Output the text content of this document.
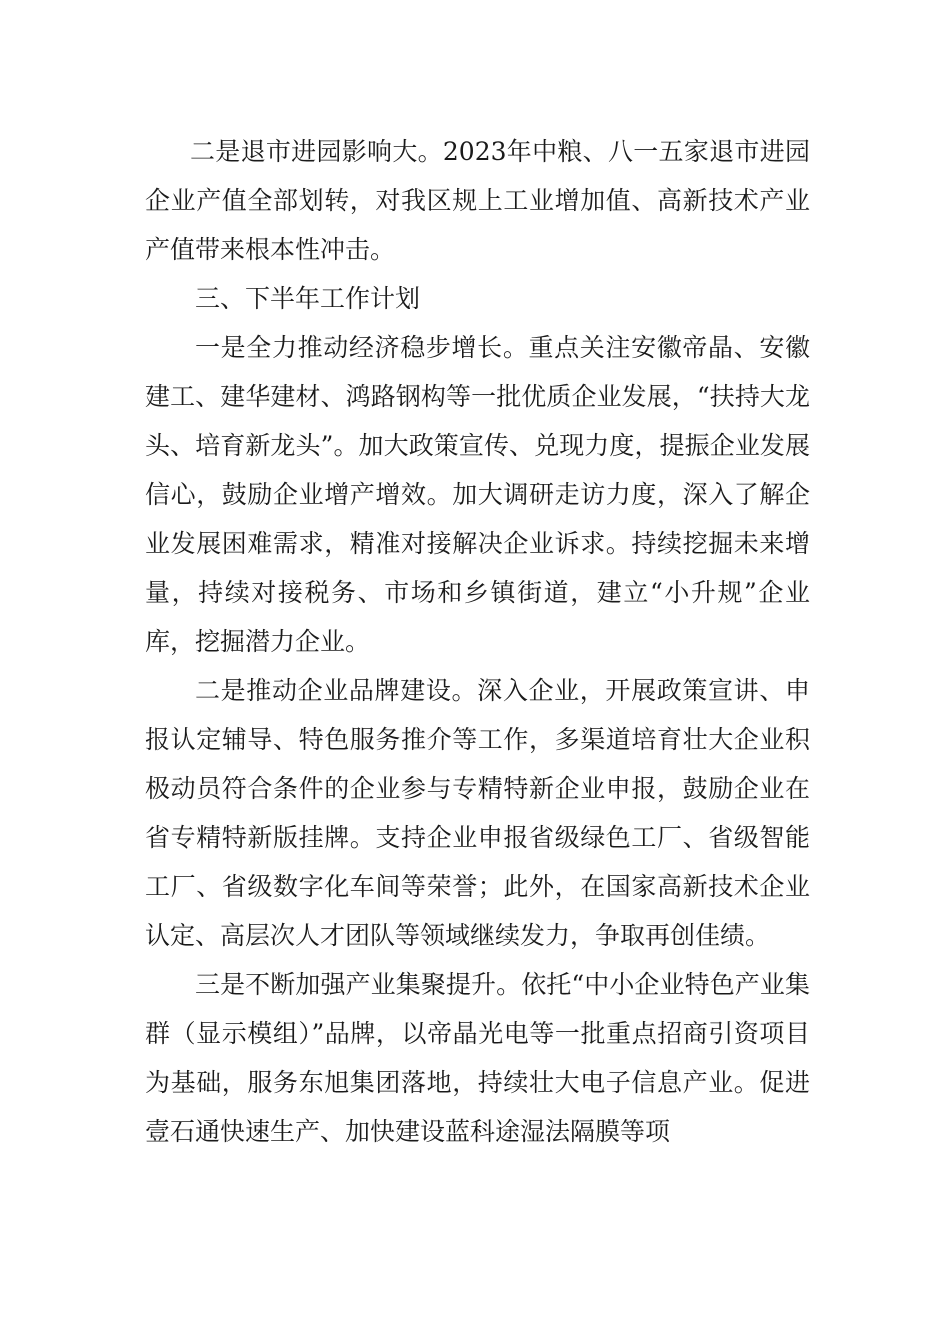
二是退市进园影响大。2023年中粮、八一五家退市进园企业产值全部划转，对我区规上工业增加值、高新技术产业产值带来根本性冲击。

三、下半年工作计划

一是全力推动经济稳步增长。重点关注安徽帝晶、安徽建工、建华建材、鸿路钢构等一批优质企业发展，“扶持大龙头、培育新龙头”。加大政策宣传、兑现力度，提振企业发展信心，鼓励企业增产增效。加大调研走访力度，深入了解企业发展困难需求，精准对接解决企业诉求。持续挖掘未来增量，持续对接税务、市场和乡镇街道，建立“小升规”企业库，挖掘潜力企业。

二是推动企业品牌建设。深入企业，开展政策宣讲、申报认定辅导、特色服务推介等工作，多渠道培育壮大企业积极动员符合条件的企业参与专精特新企业申报，鼓励企业在省专精特新版挂牌。支持企业申报省级绿色工厂、省级智能工厂、省级数字化车间等荣誉；此外，在国家高新技术企业认定、高层次人才团队等领域继续发力，争取再创佳绩。

三是不断加强产业集聚提升。依托“中小企业特色产业集群（显示模组）”品牌，以帝晶光电等一批重点招商引资项目为基础，服务东旭集团落地，持续壮大电子信息产业。促进壹石通快速生产、加快建设蓝科途湿法隔膜等项
